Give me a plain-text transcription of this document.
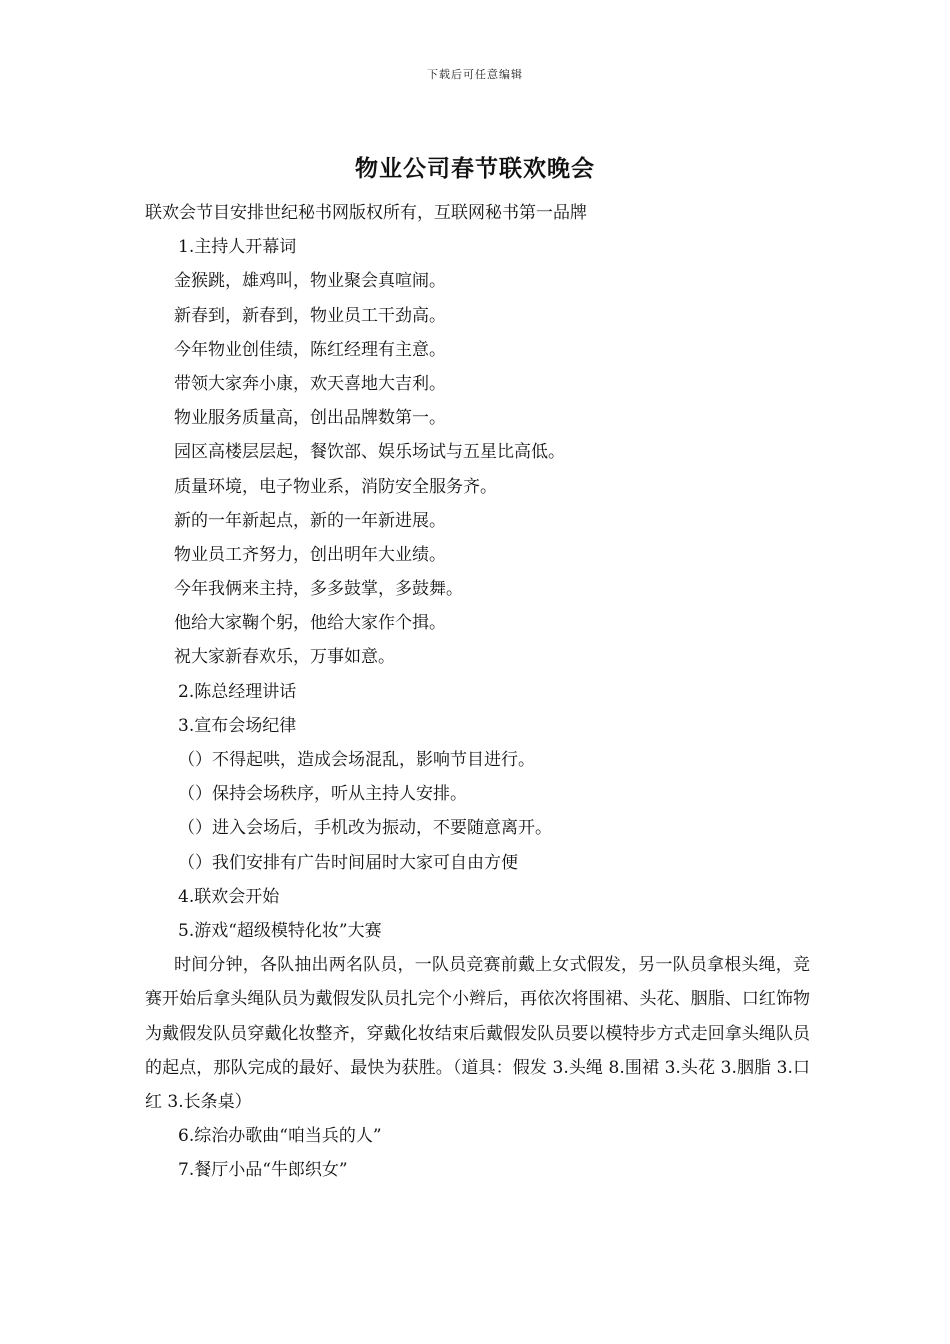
下载后可任意编辑
物业公司春节联欢晚会
联欢会节目安排世纪秘书网版权所有，互联网秘书第一品牌
1.主持人开幕词
金猴跳，雄鸡叫，物业聚会真喧闹。
新春到，新春到，物业员工干劲高。
今年物业创佳绩，陈红经理有主意。
带领大家奔小康，欢天喜地大吉利。
物业服务质量高，创出品牌数第一。
园区高楼层层起，餐饮部、娱乐场试与五星比高低。
质量环境，电子物业系，消防安全服务齐。
新的一年新起点，新的一年新进展。
物业员工齐努力，创出明年大业绩。
今年我俩来主持，多多鼓掌，多鼓舞。
他给大家鞠个躬，他给大家作个揖。
祝大家新春欢乐，万事如意。
2.陈总经理讲话
3.宣布会场纪律
（）不得起哄，造成会场混乱，影响节目进行。
（）保持会场秩序，听从主持人安排。
（）进入会场后，手机改为振动，不要随意离开。
（）我们安排有广告时间届时大家可自由方便
4.联欢会开始
5.游戏“超级模特化妆”大赛

时间分钟，各队抽出两名队员，一队员竞赛前戴上女式假发，另一队员拿根头绳，竞赛开始后拿头绳队员为戴假发队员扎完个小辫后，再依次将围裙、头花、胭脂、口红饰物为戴假发队员穿戴化妆整齐，穿戴化妆结束后戴假发队员要以模特步方式走回拿头绳队员的起点，那队完成的最好、最快为获胜。（道具：假发 3.头绳 8.围裙 3.头花 3.胭脂 3.口红 3.长条桌）

6.综治办歌曲“咱当兵的人”
7.餐厅小品“牛郎织女”
